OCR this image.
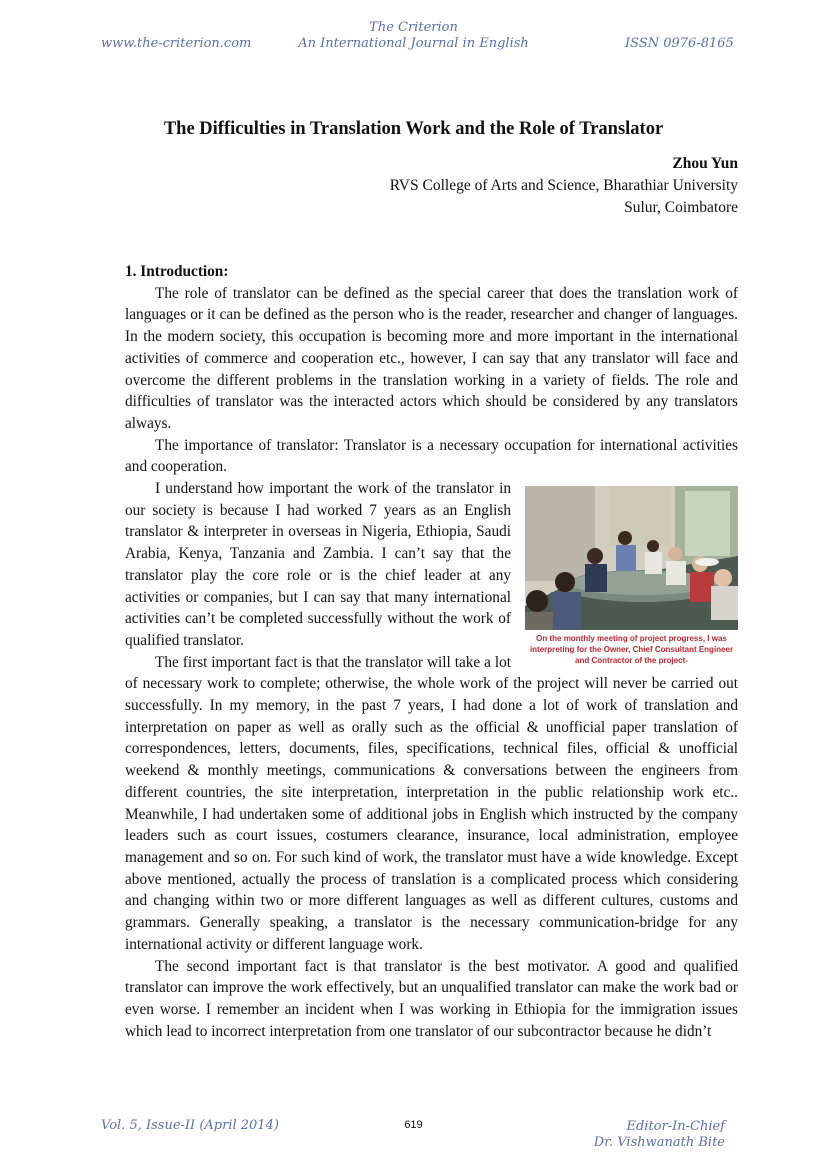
The Criterion
www.the-criterion.com	An International Journal in English	ISSN 0976-8165
The Difficulties in Translation Work and the Role of Translator
Zhou Yun
RVS College of Arts and Science, Bharathiar University
Sulur, Coimbatore

1. Introduction:

The role of translator can be defined as the special career that does the translation work of languages or it can be defined as the person who is the reader, researcher and changer of languages. In the modern society, this occupation is becoming more and more important in the international activities of commerce and cooperation etc., however, I can say that any translator will face and overcome the different problems in the translation working in a variety of fields. The role and difficulties of translator was the interacted actors which should be considered by any translators always.

The importance of translator: Translator is a necessary occupation for international activities and cooperation.

On the monthly meeting of project progress, I was interpreting for the Owner, Chief Consultant Engineer and Contractor of the project-

I understand how important the work of the translator in our society is because I had worked 7 years as an English translator & interpreter in overseas in Nigeria, Ethiopia, Saudi Arabia, Kenya, Tanzania and Zambia. I can’t say that the translator play the core role or is the chief leader at any activities or companies, but I can say that many international activities can’t be completed successfully without the work of qualified translator.

The first important fact is that the translator will take a lot of necessary work to complete; otherwise, the whole work of the project will never be carried out successfully. In my memory, in the past 7 years, I had done a lot of work of translation and interpretation on paper as well as orally such as the official & unofficial paper translation of correspondences, letters, documents, files, specifications, technical files, official & unofficial weekend & monthly meetings, communications & conversations between the engineers from different countries, the site interpretation, interpretation in the public relationship work etc.. Meanwhile, I had undertaken some of additional jobs in English which instructed by the company leaders such as court issues, costumers clearance, insurance, local administration, employee management and so on. For such kind of work, the translator must have a wide knowledge. Except above mentioned, actually the process of translation is a complicated process which considering and changing within two or more different languages as well as different cultures, customs and grammars. Generally speaking, a translator is the necessary communication-bridge for any international activity or different language work.

The second important fact is that translator is the best motivator. A good and qualified translator can improve the work effectively, but an unqualified translator can make the work bad or even worse. I remember an incident when I was working in Ethiopia for the immigration issues which lead to incorrect interpretation from one translator of our subcontractor because he didn’t

Vol. 5, Issue-II (April 2014)	619	Editor-In-Chief
Dr. Vishwanath Bite
